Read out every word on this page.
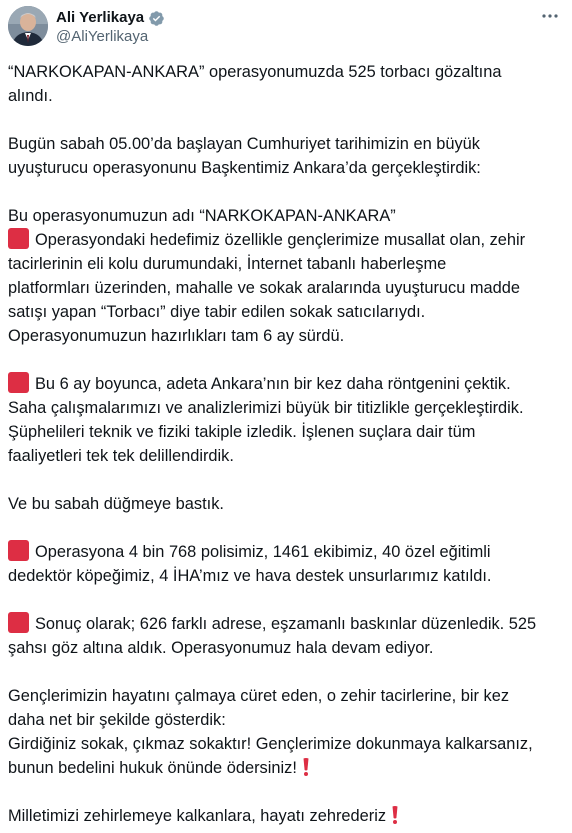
Ali Yerlikaya
@AliYerlikaya
“NARKOKAPAN-ANKARA” operasyonumuzda 525 torbacı gözaltına
alındı.
Bugün sabah 05.00’da başlayan Cumhuriyet tarihimizin en büyük
uyuşturucu operasyonunu Başkentimiz Ankara’da gerçekleştirdik:
Bu operasyonumuzun adı “NARKOKAPAN-ANKARA”
Operasyondaki hedefimiz özellikle gençlerimize musallat olan, zehir
tacirlerinin eli kolu durumundaki, İnternet tabanlı haberleşme
platformları üzerinden, mahalle ve sokak aralarında uyuşturucu madde
satışı yapan “Torbacı” diye tabir edilen sokak satıcılarıydı.
Operasyonumuzun hazırlıkları tam 6 ay sürdü.
Bu 6 ay boyunca, adeta Ankara’nın bir kez daha röntgenini çektik.
Saha çalışmalarımızı ve analizlerimizi büyük bir titizlikle gerçekleştirdik.
Şüphelileri teknik ve fiziki takiple izledik. İşlenen suçlara dair tüm
faaliyetleri tek tek delillendirdik.
Ve bu sabah düğmeye bastık.
Operasyona 4 bin 768 polisimiz, 1461 ekibimiz, 40 özel eğitimli
dedektör köpeğimiz, 4 İHA’mız ve hava destek unsurlarımız katıldı.
Sonuç olarak; 626 farklı adrese, eşzamanlı baskınlar düzenledik. 525
şahsı göz altına aldık. Operasyonumuz hala devam ediyor.
Gençlerimizin hayatını çalmaya cüret eden, o zehir tacirlerine, bir kez
daha net bir şekilde gösterdik:
Girdiğiniz sokak, çıkmaz sokaktır! Gençlerimize dokunmaya kalkarsanız,
bunun bedelini hukuk önünde ödersiniz!
Milletimizi zehirlemeye kalkanlara, hayatı zehrederiz
